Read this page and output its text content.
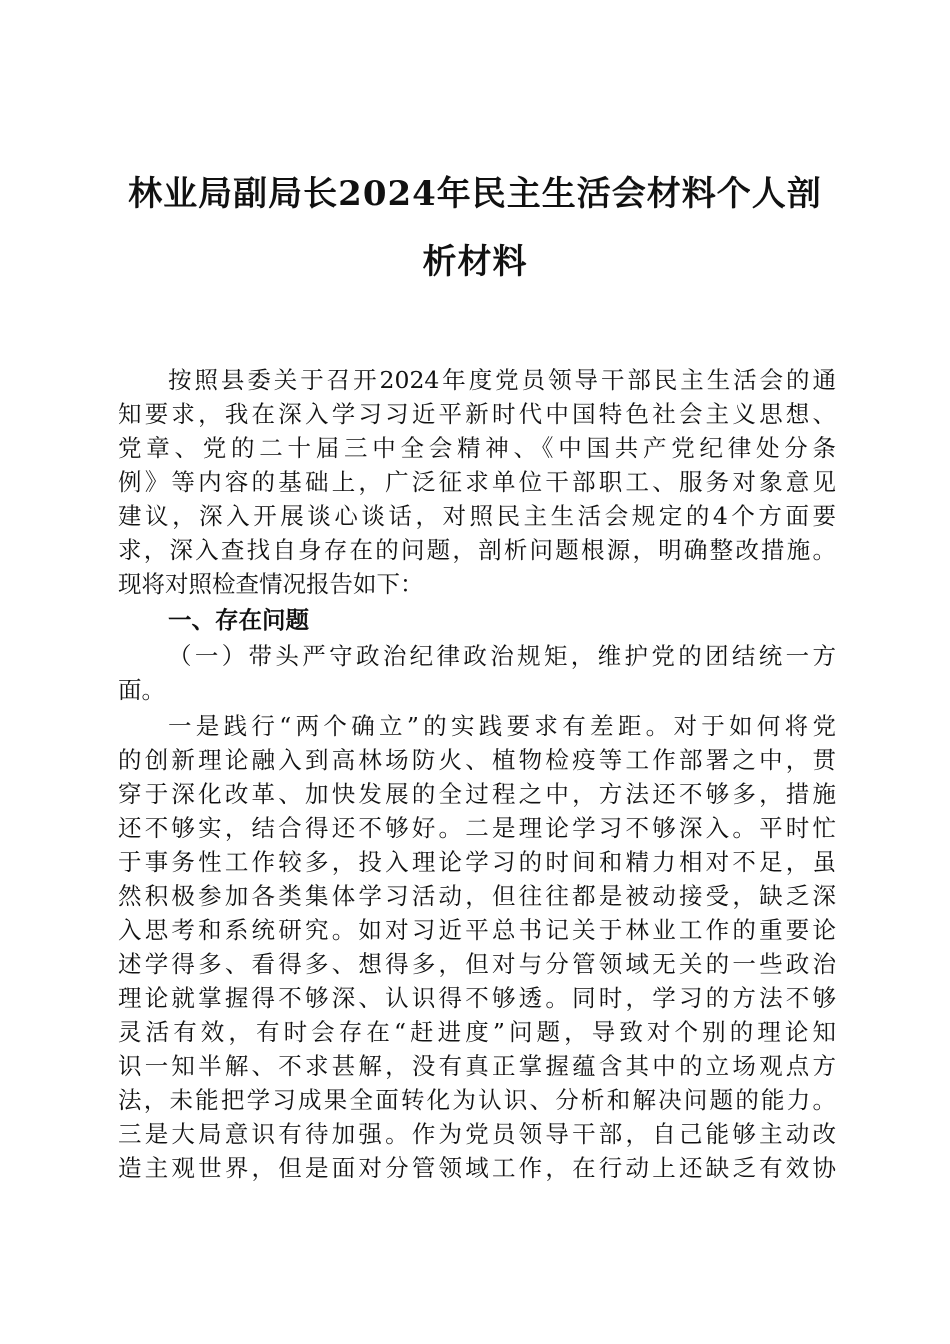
林业局副局长2024年民主生活会材料个人剖
析材料
按照县委关于召开2024年度党员领导干部民主生活会的通
知要求，我在深入学习习近平新时代中国特色社会主义思想、
党章、党的二十届三中全会精神、《中国共产党纪律处分条
例》等内容的基础上，广泛征求单位干部职工、服务对象意见
建议，深入开展谈心谈话，对照民主生活会规定的4个方面要
求，深入查找自身存在的问题，剖析问题根源，明确整改措施。
现将对照检查情况报告如下：
一、存在问题
（一）带头严守政治纪律政治规矩，维护党的团结统一方
面。
一是践行“两个确立”的实践要求有差距。对于如何将党
的创新理论融入到高林场防火、植物检疫等工作部署之中，贯
穿于深化改革、加快发展的全过程之中，方法还不够多，措施
还不够实，结合得还不够好。二是理论学习不够深入。平时忙
于事务性工作较多，投入理论学习的时间和精力相对不足，虽
然积极参加各类集体学习活动，但往往都是被动接受，缺乏深
入思考和系统研究。如对习近平总书记关于林业工作的重要论
述学得多、看得多、想得多，但对与分管领域无关的一些政治
理论就掌握得不够深、认识得不够透。同时，学习的方法不够
灵活有效，有时会存在“赶进度”问题，导致对个别的理论知
识一知半解、不求甚解，没有真正掌握蕴含其中的立场观点方
法，未能把学习成果全面转化为认识、分析和解决问题的能力。
三是大局意识有待加强。作为党员领导干部，自己能够主动改
造主观世界，但是面对分管领域工作，在行动上还缺乏有效协
